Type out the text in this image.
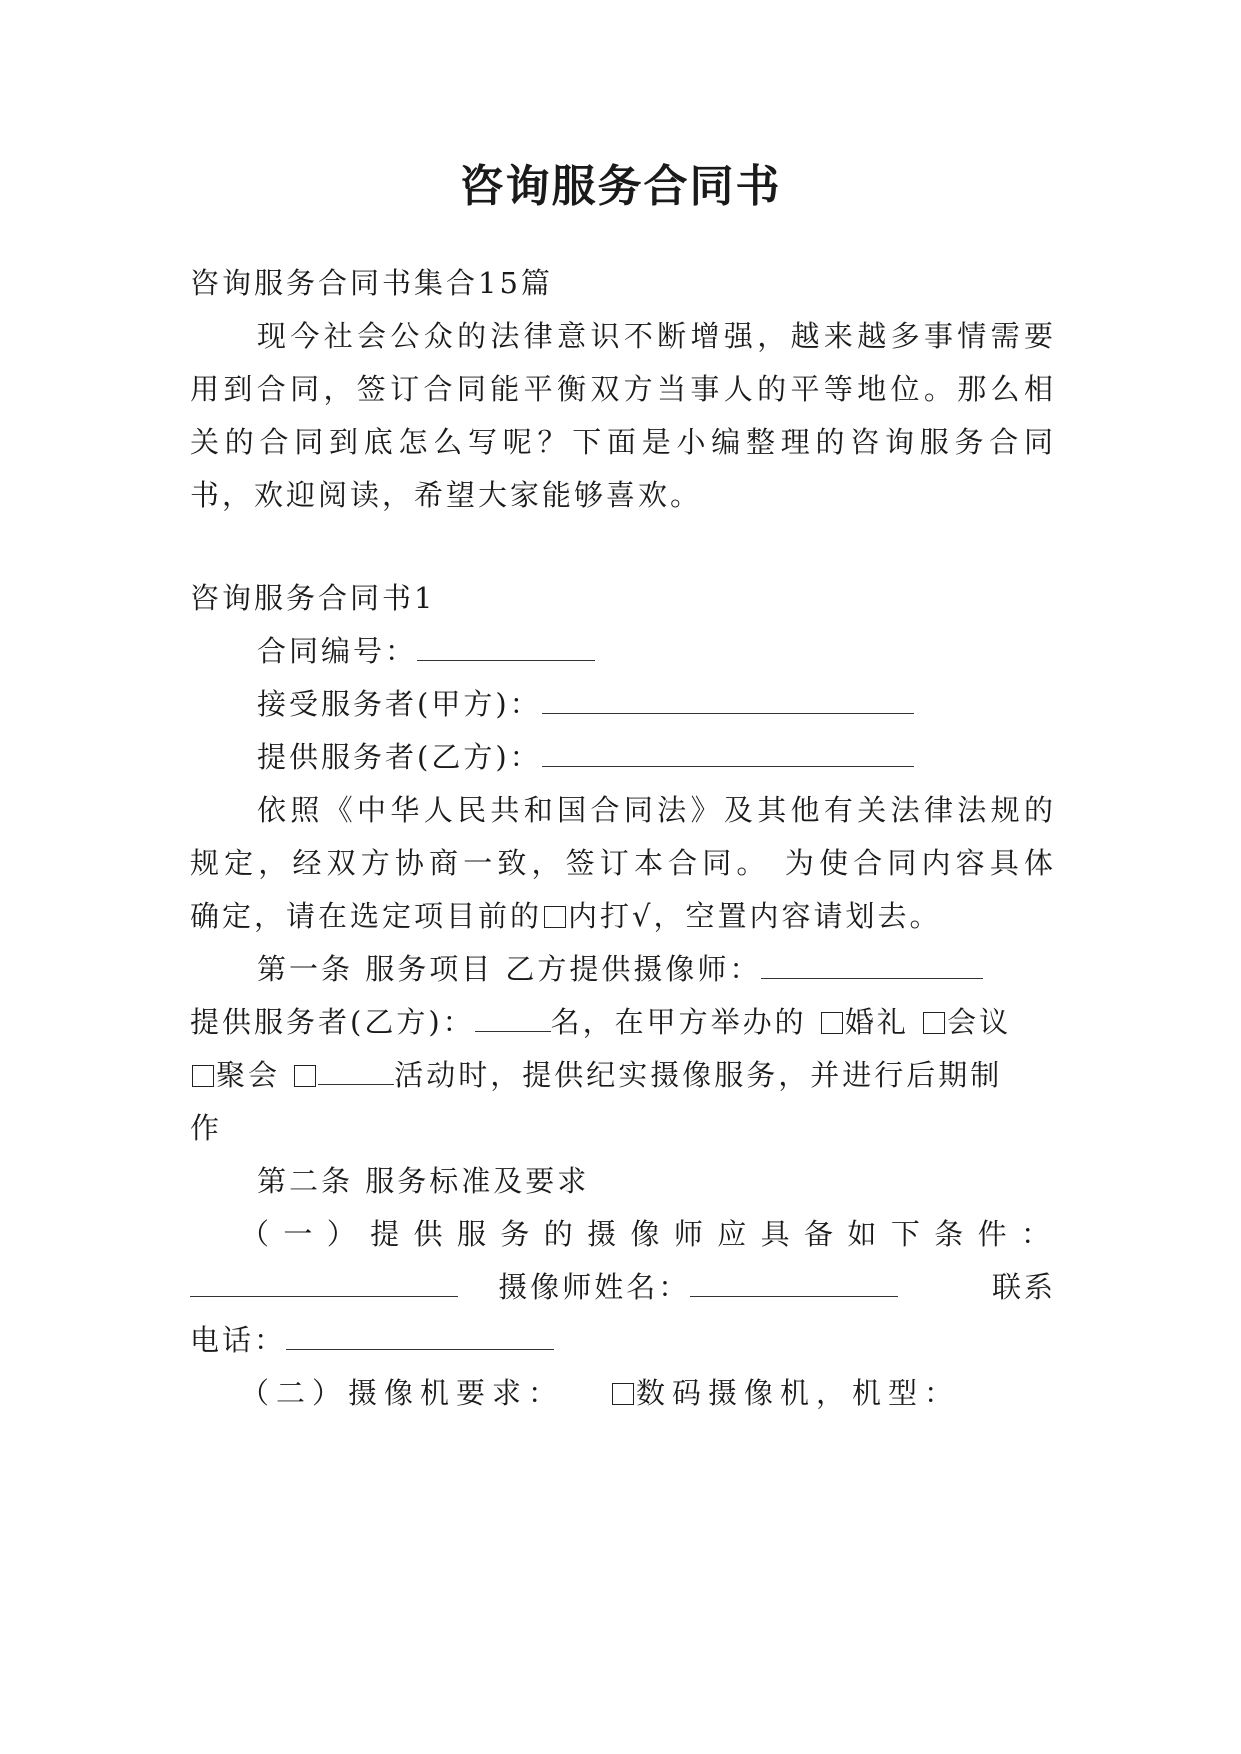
咨询服务合同书
咨询服务合同书集合15篇
现今社会公众的法律意识不断增强，越来越多事情需要
用到合同，签订合同能平衡双方当事人的平等地位。那么相
关的合同到底怎么写呢？下面是小编整理的咨询服务合同
书，欢迎阅读，希望大家能够喜欢。
咨询服务合同书1
合同编号：
接受服务者(甲方)：
提供服务者(乙方)：
依照《中华人民共和国合同法》及其他有关法律法规的
规定，经双方协商一致，签订本合同。 为使合同内容具体
确定，请在选定项目前的 内打√，空置内容请划去。
第一条 服务项目 乙方提供摄像师：
提供服务者(乙方)：	名，在甲方举办的 婚礼 会议
聚会	活动时，提供纪实摄像服务，并进行后期制
作
第二条 服务标准及要求
（一）提供服务的摄像师应具备如下条件：
摄像师姓名：	联系
电话：
（二）摄像机要求：	数码摄像机，机型：
